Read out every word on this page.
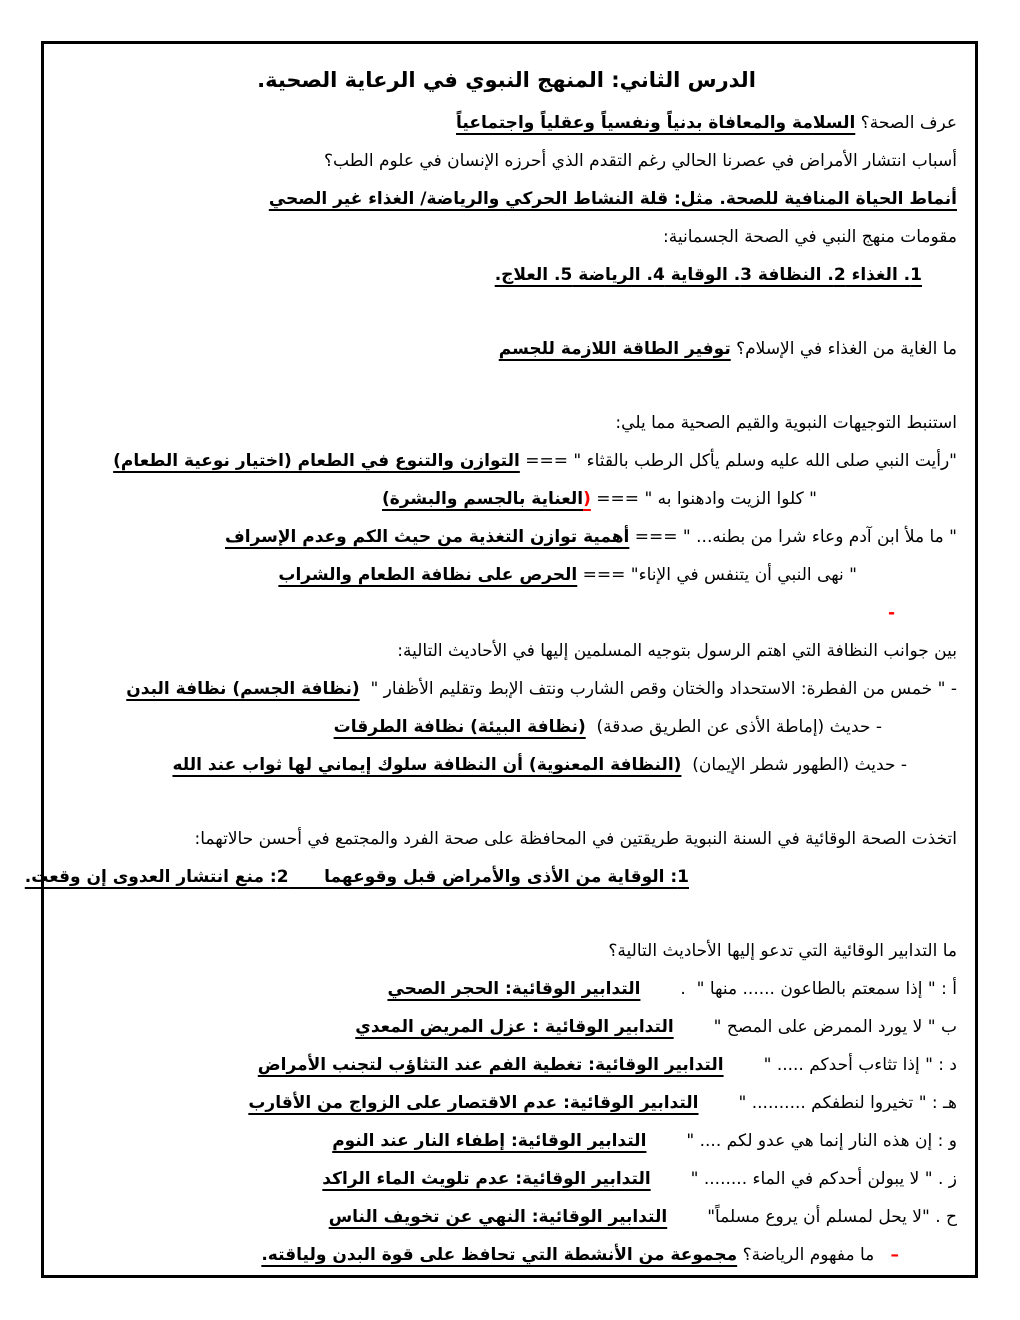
الدرس الثاني: المنهج النبوي في الرعاية الصحية.
عرف الصحة؟ السلامة والمعافاة بدنياً ونفسياً وعقلياً واجتماعياً
أسباب انتشار الأمراض في عصرنا الحالي رغم التقدم الذي أحرزه الإنسان في علوم الطب؟
أنماط الحياة المنافية للصحة. مثل: قلة النشاط الحركي والرياضة/ الغذاء غير الصحي
مقومات منهج النبي في الصحة الجسمانية:
1. الغذاء 2. النظافة 3. الوقاية 4. الرياضة 5. العلاج.
ما الغاية من الغذاء في الإسلام؟ توفير الطاقة اللازمة للجسم
استنبط التوجيهات النبوية والقيم الصحية مما يلي:
"رأيت النبي صلى الله عليه وسلم يأكل الرطب بالقثاء " === التوازن والتنوع في الطعام (اختيار نوعية الطعام)
" كلوا الزيت وادهنوا به " === (العناية بالجسم والبشرة)
" ما ملأ ابن آدم وعاء شرا من بطنه... " === أهمية توازن التغذية من حيث الكم وعدم الإسراف
" نهى النبي أن يتنفس في الإناء" === الحرص على نظافة الطعام والشراب
-
بين جوانب النظافة التي اهتم الرسول بتوجيه المسلمين إليها في الأحاديث التالية:
- " خمس من الفطرة: الاستحداد والختان وقص الشارب ونتف الإبط وتقليم الأظفار "  (نظافة الجسم) نظافة البدن
- حديث (إماطة الأذى عن الطريق صدقة)  (نظافة البيئة) نظافة الطرقات
- حديث (الطهور شطر الإيمان)  (النظافة المعنوية) أن النظافة سلوك إيماني لها ثواب عند الله
اتخذت الصحة الوقائية في السنة النبوية طريقتين في المحافظة على صحة الفرد والمجتمع في أحسن حالاتهما:
1: الوقاية من الأذى والأمراض قبل وقوعهما      2: منع انتشار العدوى إن وقعت.
ما التدابير الوقائية التي تدعو إليها الأحاديث التالية؟
أ : " إذا سمعتم بالطاعون ...... منها "  .
التدابير الوقائية: الحجر الصحي
ب " لا يورد الممرض على المصح "
التدابير الوقائية : عزل المريض المعدي
د : " إذا تثاءب أحدكم ..... "
التدابير الوقائية: تغطية الفم عند التثاؤب لتجنب الأمراض
هـ : " تخيروا لنطفكم .......... "
التدابير الوقائية: عدم الاقتصار على الزواج من الأقارب
و : إن هذه النار إنما هي عدو لكم .... "
التدابير الوقائية: إطفاء النار عند النوم
ز . " لا يبولن أحدكم في الماء ........ "
التدابير الوقائية: عدم تلويث الماء الراكد
ح . "لا يحل لمسلم أن يروع مسلماً"
التدابير الوقائية: النهي عن تخويف الناس
–   ما مفهوم الرياضة؟ مجموعة من الأنشطة التي تحافظ على قوة البدن ولياقته.
